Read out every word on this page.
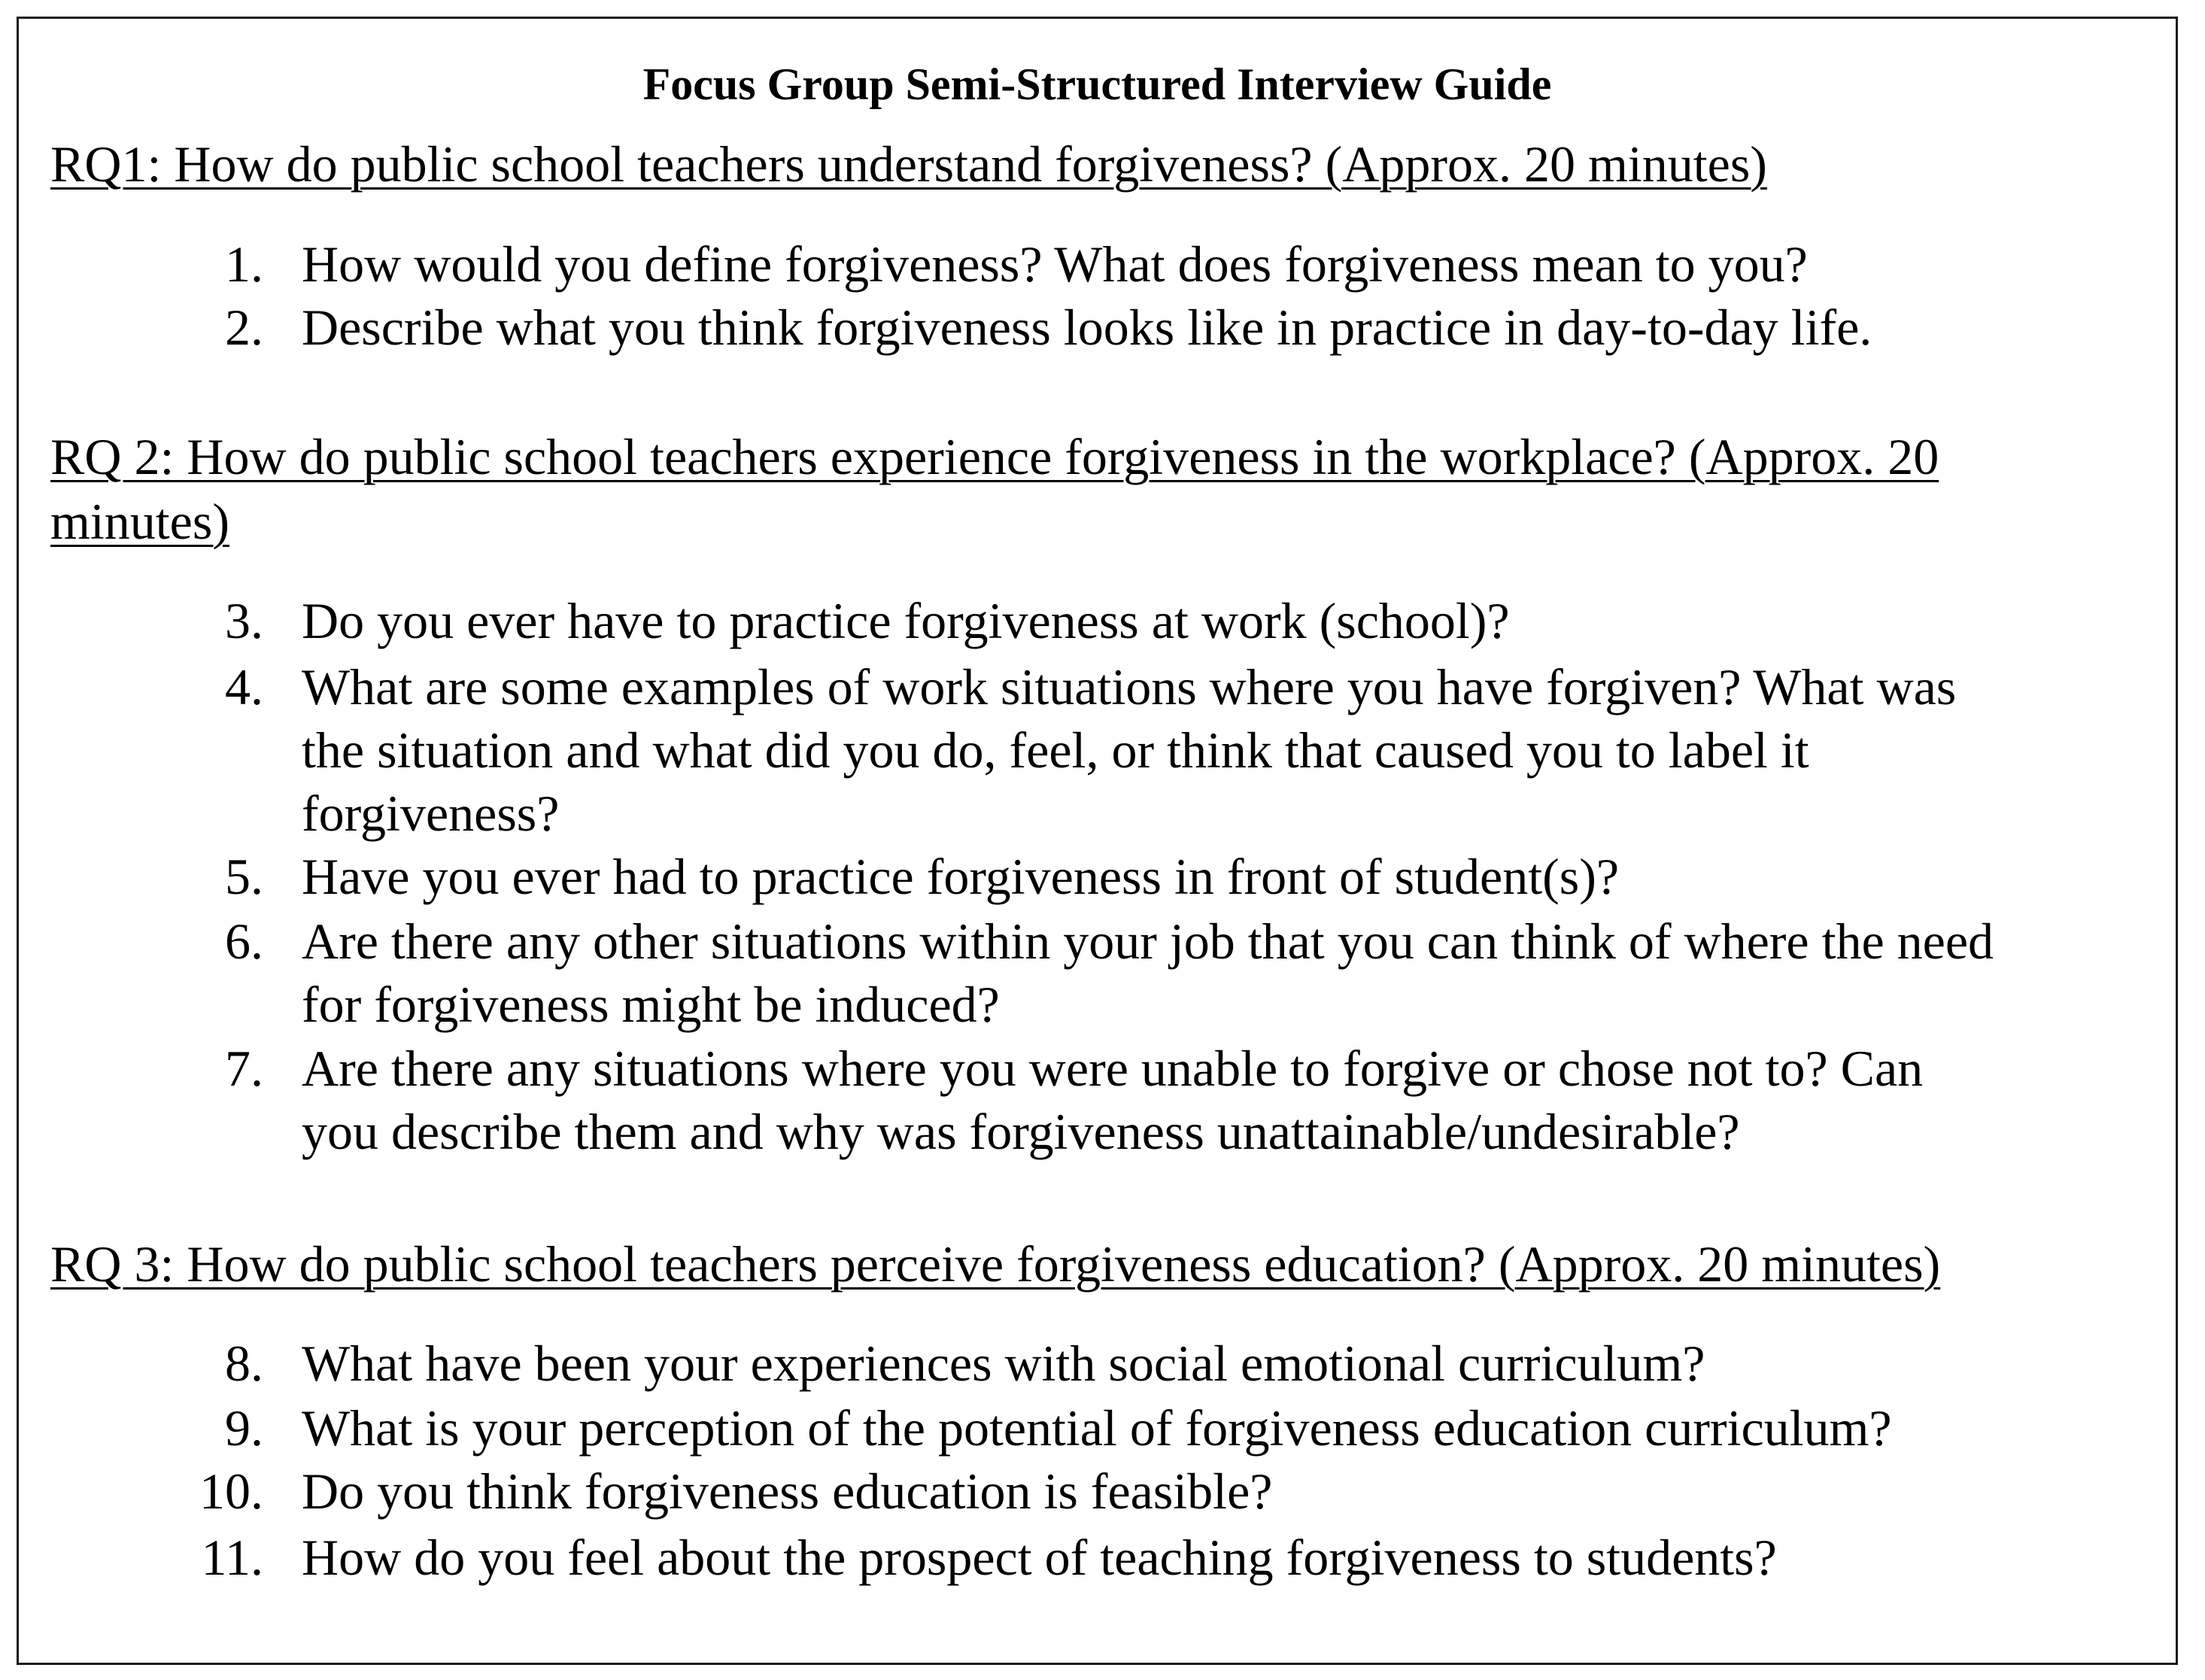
Focus Group Semi-Structured Interview Guide
RQ1: How do public school teachers understand forgiveness? (Approx. 20 minutes)
1. How would you define forgiveness? What does forgiveness mean to you?
2. Describe what you think forgiveness looks like in practice in day-to-day life.
RQ 2: How do public school teachers experience forgiveness in the workplace? (Approx. 20
minutes)
3. Do you ever have to practice forgiveness at work (school)?
4. What are some examples of work situations where you have forgiven? What was
the situation and what did you do, feel, or think that caused you to label it
forgiveness?
5. Have you ever had to practice forgiveness in front of student(s)?
6. Are there any other situations within your job that you can think of where the need
for forgiveness might be induced?
7. Are there any situations where you were unable to forgive or chose not to? Can
you describe them and why was forgiveness unattainable/undesirable?
RQ 3: How do public school teachers perceive forgiveness education? (Approx. 20 minutes)
8. What have been your experiences with social emotional curriculum?
9. What is your perception of the potential of forgiveness education curriculum?
10. Do you think forgiveness education is feasible?
11. How do you feel about the prospect of teaching forgiveness to students?
